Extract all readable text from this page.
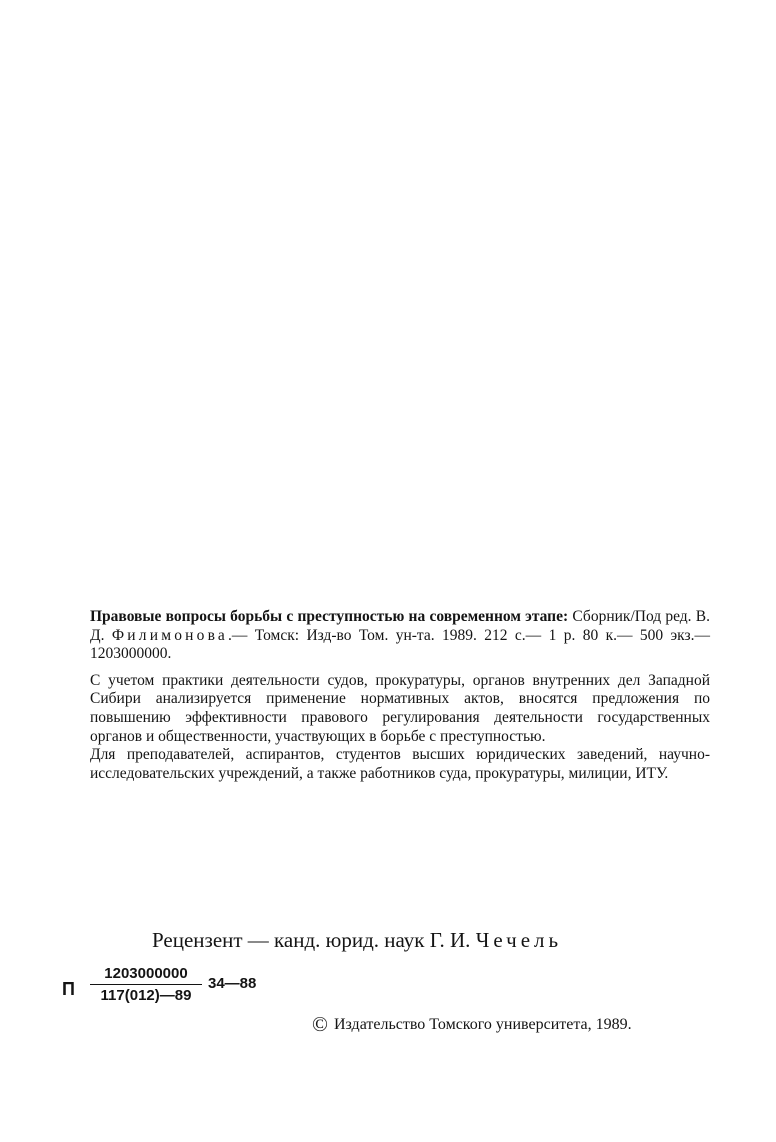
Правовые вопросы борьбы с преступностью на современном этапе: Сборник/Под ред. В. Д. Филимонова.— Томск: Изд-во Том. ун-та. 1989. 212 с.— 1 р. 80 к.— 500 экз.— 1203000000.

С учетом практики деятельности судов, прокуратуры, органов внутренних дел Западной Сибири анализируется применение нормативных актов, вносятся предложения по повышению эффективности правового регулирования деятельности государственных органов и общественности, участвующих в борьбе с преступностью.

Для преподавателей, аспирантов, студентов высших юридических заведений, научно-исследовательских учреждений, а также работников суда, прокуратуры, милиции, ИТУ.

Рецензент — канд. юрид. наук Г. И. Чечель
П
1203000000
117(012)—89
34—88
© Издательство Томского университета, 1989.
